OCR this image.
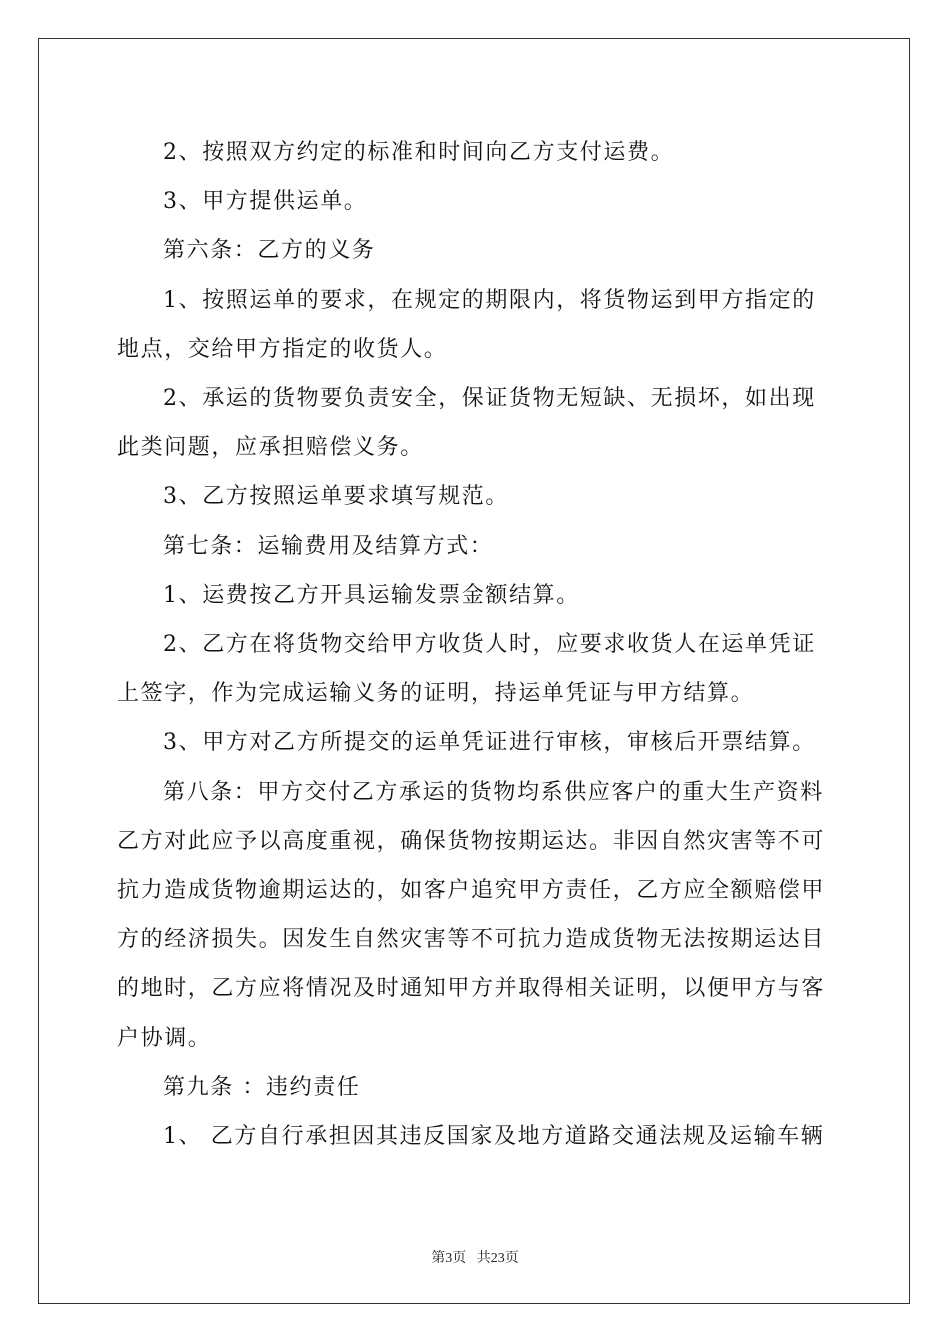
2、按照双方约定的标准和时间向乙方支付运费。

3、甲方提供运单。

第六条：乙方的义务

1、按照运单的要求，在规定的期限内，将货物运到甲方指定的地点，交给甲方指定的收货人。

2、承运的货物要负责安全，保证货物无短缺、无损坏，如出现此类问题，应承担赔偿义务。

3、乙方按照运单要求填写规范。

第七条：运输费用及结算方式：

1、运费按乙方开具运输发票金额结算。

2、乙方在将货物交给甲方收货人时，应要求收货人在运单凭证上签字，作为完成运输义务的证明，持运单凭证与甲方结算。

3、甲方对乙方所提交的运单凭证进行审核，审核后开票结算。

第八条：甲方交付乙方承运的货物均系供应客户的重大生产资料乙方对此应予以高度重视，确保货物按期运达。非因自然灾害等不可抗力造成货物逾期运达的，如客户追究甲方责任，乙方应全额赔偿甲方的经济损失。因发生自然灾害等不可抗力造成货物无法按期运达目的地时，乙方应将情况及时通知甲方并取得相关证明，以便甲方与客户协调。

第九条 ：违约责任

1、 乙方自行承担因其违反国家及地方道路交通法规及运输车辆

第3页   共23页
